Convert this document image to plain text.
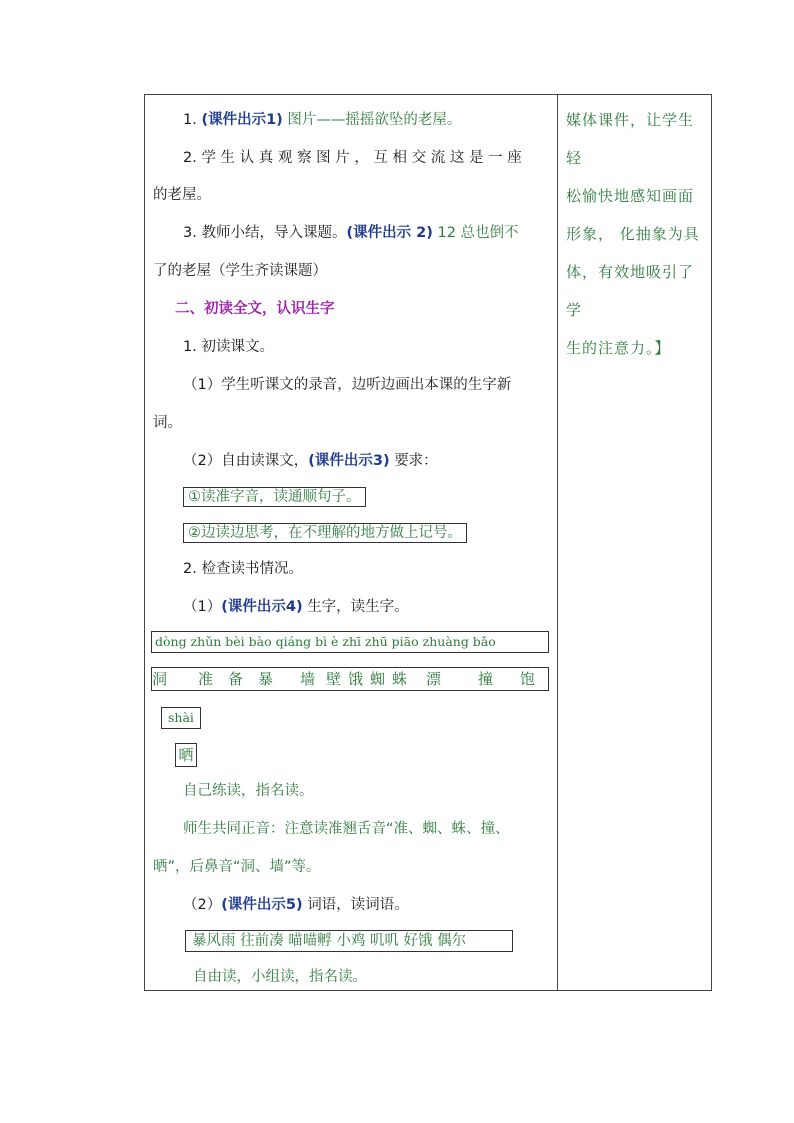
1. (课件出示1) 图片——摇摇欲坠的老屋。
2. 学 生 认 真 观 察 图 片 ， 互 相 交 流 这 是 一 座
的老屋。
3. 教师小结，导入课题。(课件出示 2) 12 总也倒不
了的老屋（学生齐读课题）
二、初读全文，认识生字
1. 初读课文。
（1）学生听课文的录音，边听边画出本课的生字新
词。
（2）自由读课文，(课件出示3) 要求：
①读准字音，读通顺句子。
②边读边思考，在不理解的地方做上记号。
2. 检查读书情况。
（1）(课件出示4) 生字，读生字。
dòng zhǔn bèi bào qiáng bì è zhī zhū piāo zhuàng bǎo
洞 准 备 暴 墙 壁 饿 蜘 蛛 漂 撞 饱
shài
晒
自己练读，指名读。
师生共同正音：注意读准翘舌音“准、蜘、蛛、撞、
晒”，后鼻音“洞、墙”等。
（2）(课件出示5) 词语，读词语。
暴风雨 往前凑 喵喵孵 小鸡 叽叽 好饿 偶尔
自由读，小组读，指名读。
媒体课件，让学生轻
松愉快地感知画面
形象， 化抽象为具
体，有效地吸引了学
生的注意力。】
